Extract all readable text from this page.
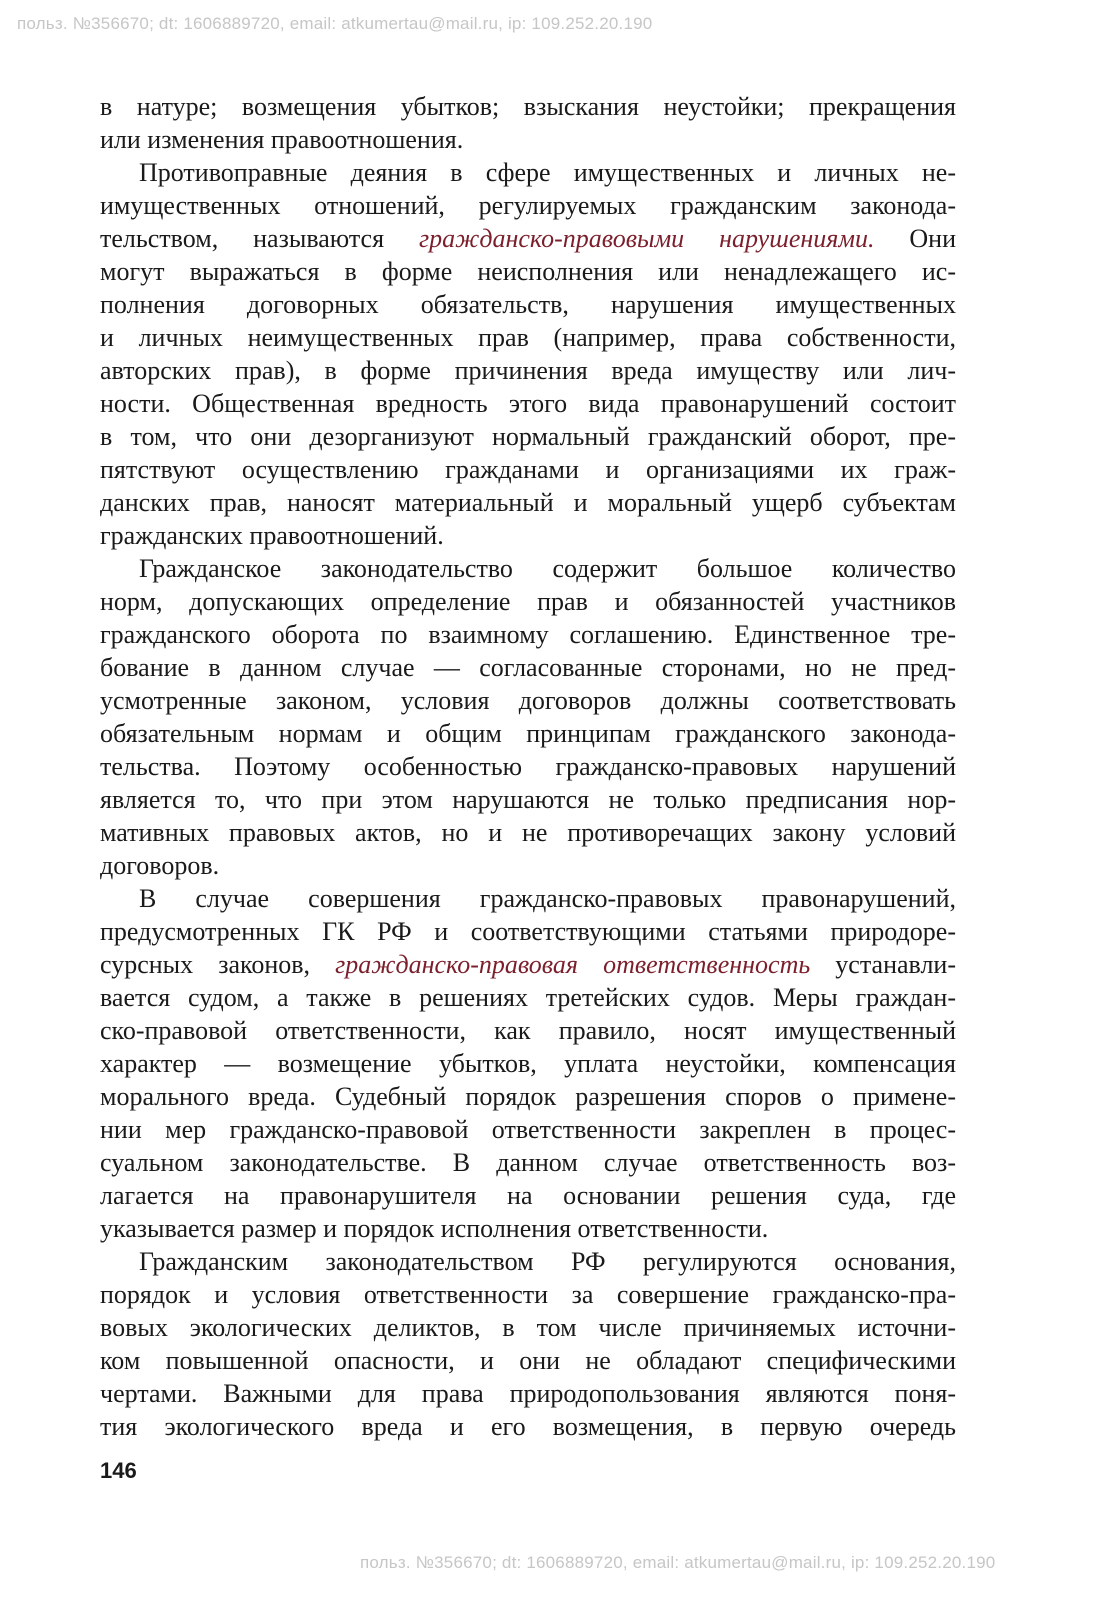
польз. №356670; dt: 1606889720, email: atkumertau@mail.ru, ip: 109.252.20.190
в натуре; возмещения убытков; взыскания неустойки; прекращения
или изменения правоотношения.
Противоправные деяния в сфере имущественных и личных не-
имущественных отношений, регулируемых гражданским законода-
тельством, называются гражданско-правовыми нарушениями. Они
могут выражаться в форме неисполнения или ненадлежащего ис-
полнения договорных обязательств, нарушения имущественных
и личных неимущественных прав (например, права собственности,
авторских прав), в форме причинения вреда имуществу или лич-
ности. Общественная вредность этого вида правонарушений состоит
в том, что они дезорганизуют нормальный гражданский оборот, пре-
пятствуют осуществлению гражданами и организациями их граж-
данских прав, наносят материальный и моральный ущерб субъектам
гражданских правоотношений.
Гражданское законодательство содержит большое количество
норм, допускающих определение прав и обязанностей участников
гражданского оборота по взаимному соглашению. Единственное тре-
бование в данном случае — согласованные сторонами, но не пред-
усмотренные законом, условия договоров должны соответствовать
обязательным нормам и общим принципам гражданского законода-
тельства. Поэтому особенностью гражданско-правовых нарушений
является то, что при этом нарушаются не только предписания нор-
мативных правовых актов, но и не противоречащих закону условий
договоров.
В случае совершения гражданско-правовых правонарушений,
предусмотренных ГК РФ и соответствующими статьями природоре-
сурсных законов, гражданско-правовая ответственность устанавли-
вается судом, а также в решениях третейских судов. Меры граждан-
ско-правовой ответственности, как правило, носят имущественный
характер — возмещение убытков, уплата неустойки, компенсация
морального вреда. Судебный порядок разрешения споров о примене-
нии мер гражданско-правовой ответственности закреплен в процес-
суальном законодательстве. В данном случае ответственность воз-
лагается на правонарушителя на основании решения суда, где
указывается размер и порядок исполнения ответственности.
Гражданским законодательством РФ регулируются основания,
порядок и условия ответственности за совершение гражданско-пра-
вовых экологических деликтов, в том числе причиняемых источни-
ком повышенной опасности, и они не обладают специфическими
чертами. Важными для права природопользования являются поня-
тия экологического вреда и его возмещения, в первую очередь
146
польз. №356670; dt: 1606889720, email: atkumertau@mail.ru, ip: 109.252.20.190
